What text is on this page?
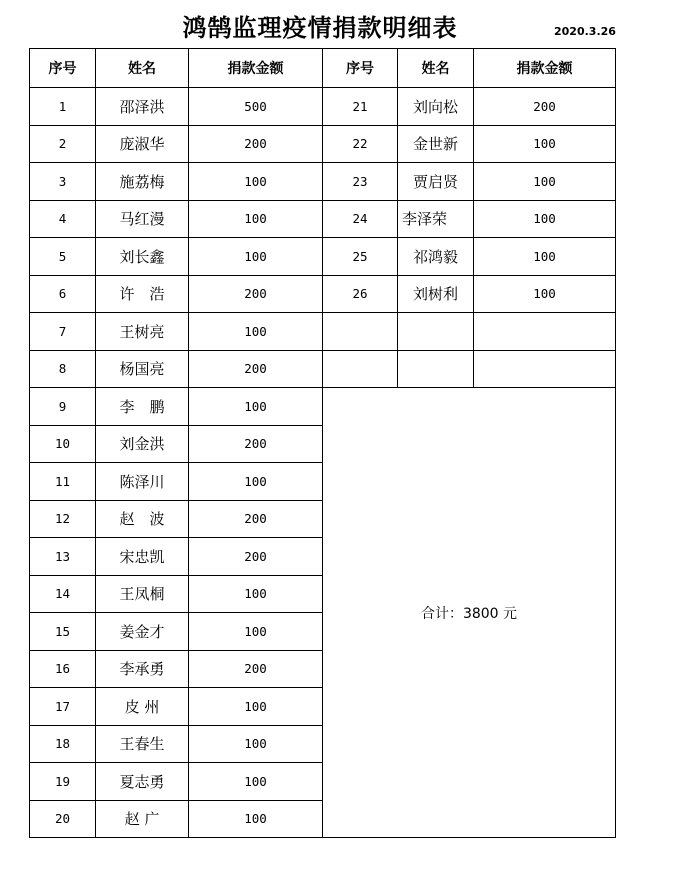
鸿鹄监理疫情捐款明细表	2020.3.26
序号	姓名	捐款金额	序号	姓名	捐款金额
1	邵泽洪	500	21	刘向松	200
2	庞淑华	200	22	金世新	100
3	施荔梅	100	23	贾启贤	100
4	马红漫	100	24	李泽荣	100
5	刘长鑫	100	25	祁鸿毅	100
6	许　浩	200	26	刘树利	100
7	王树亮	100			
8	杨国亮	200			
9	李　鹏	100	合计：3800 元		
10	刘金洪	200			
11	陈泽川	100			
12	赵　波	200			
13	宋忠凯	200			
14	王凤桐	100			
15	姜金才	100			
16	李承勇	200			
17	皮 州	100			
18	王春生	100			
19	夏志勇	100			
20	赵 广	100			
